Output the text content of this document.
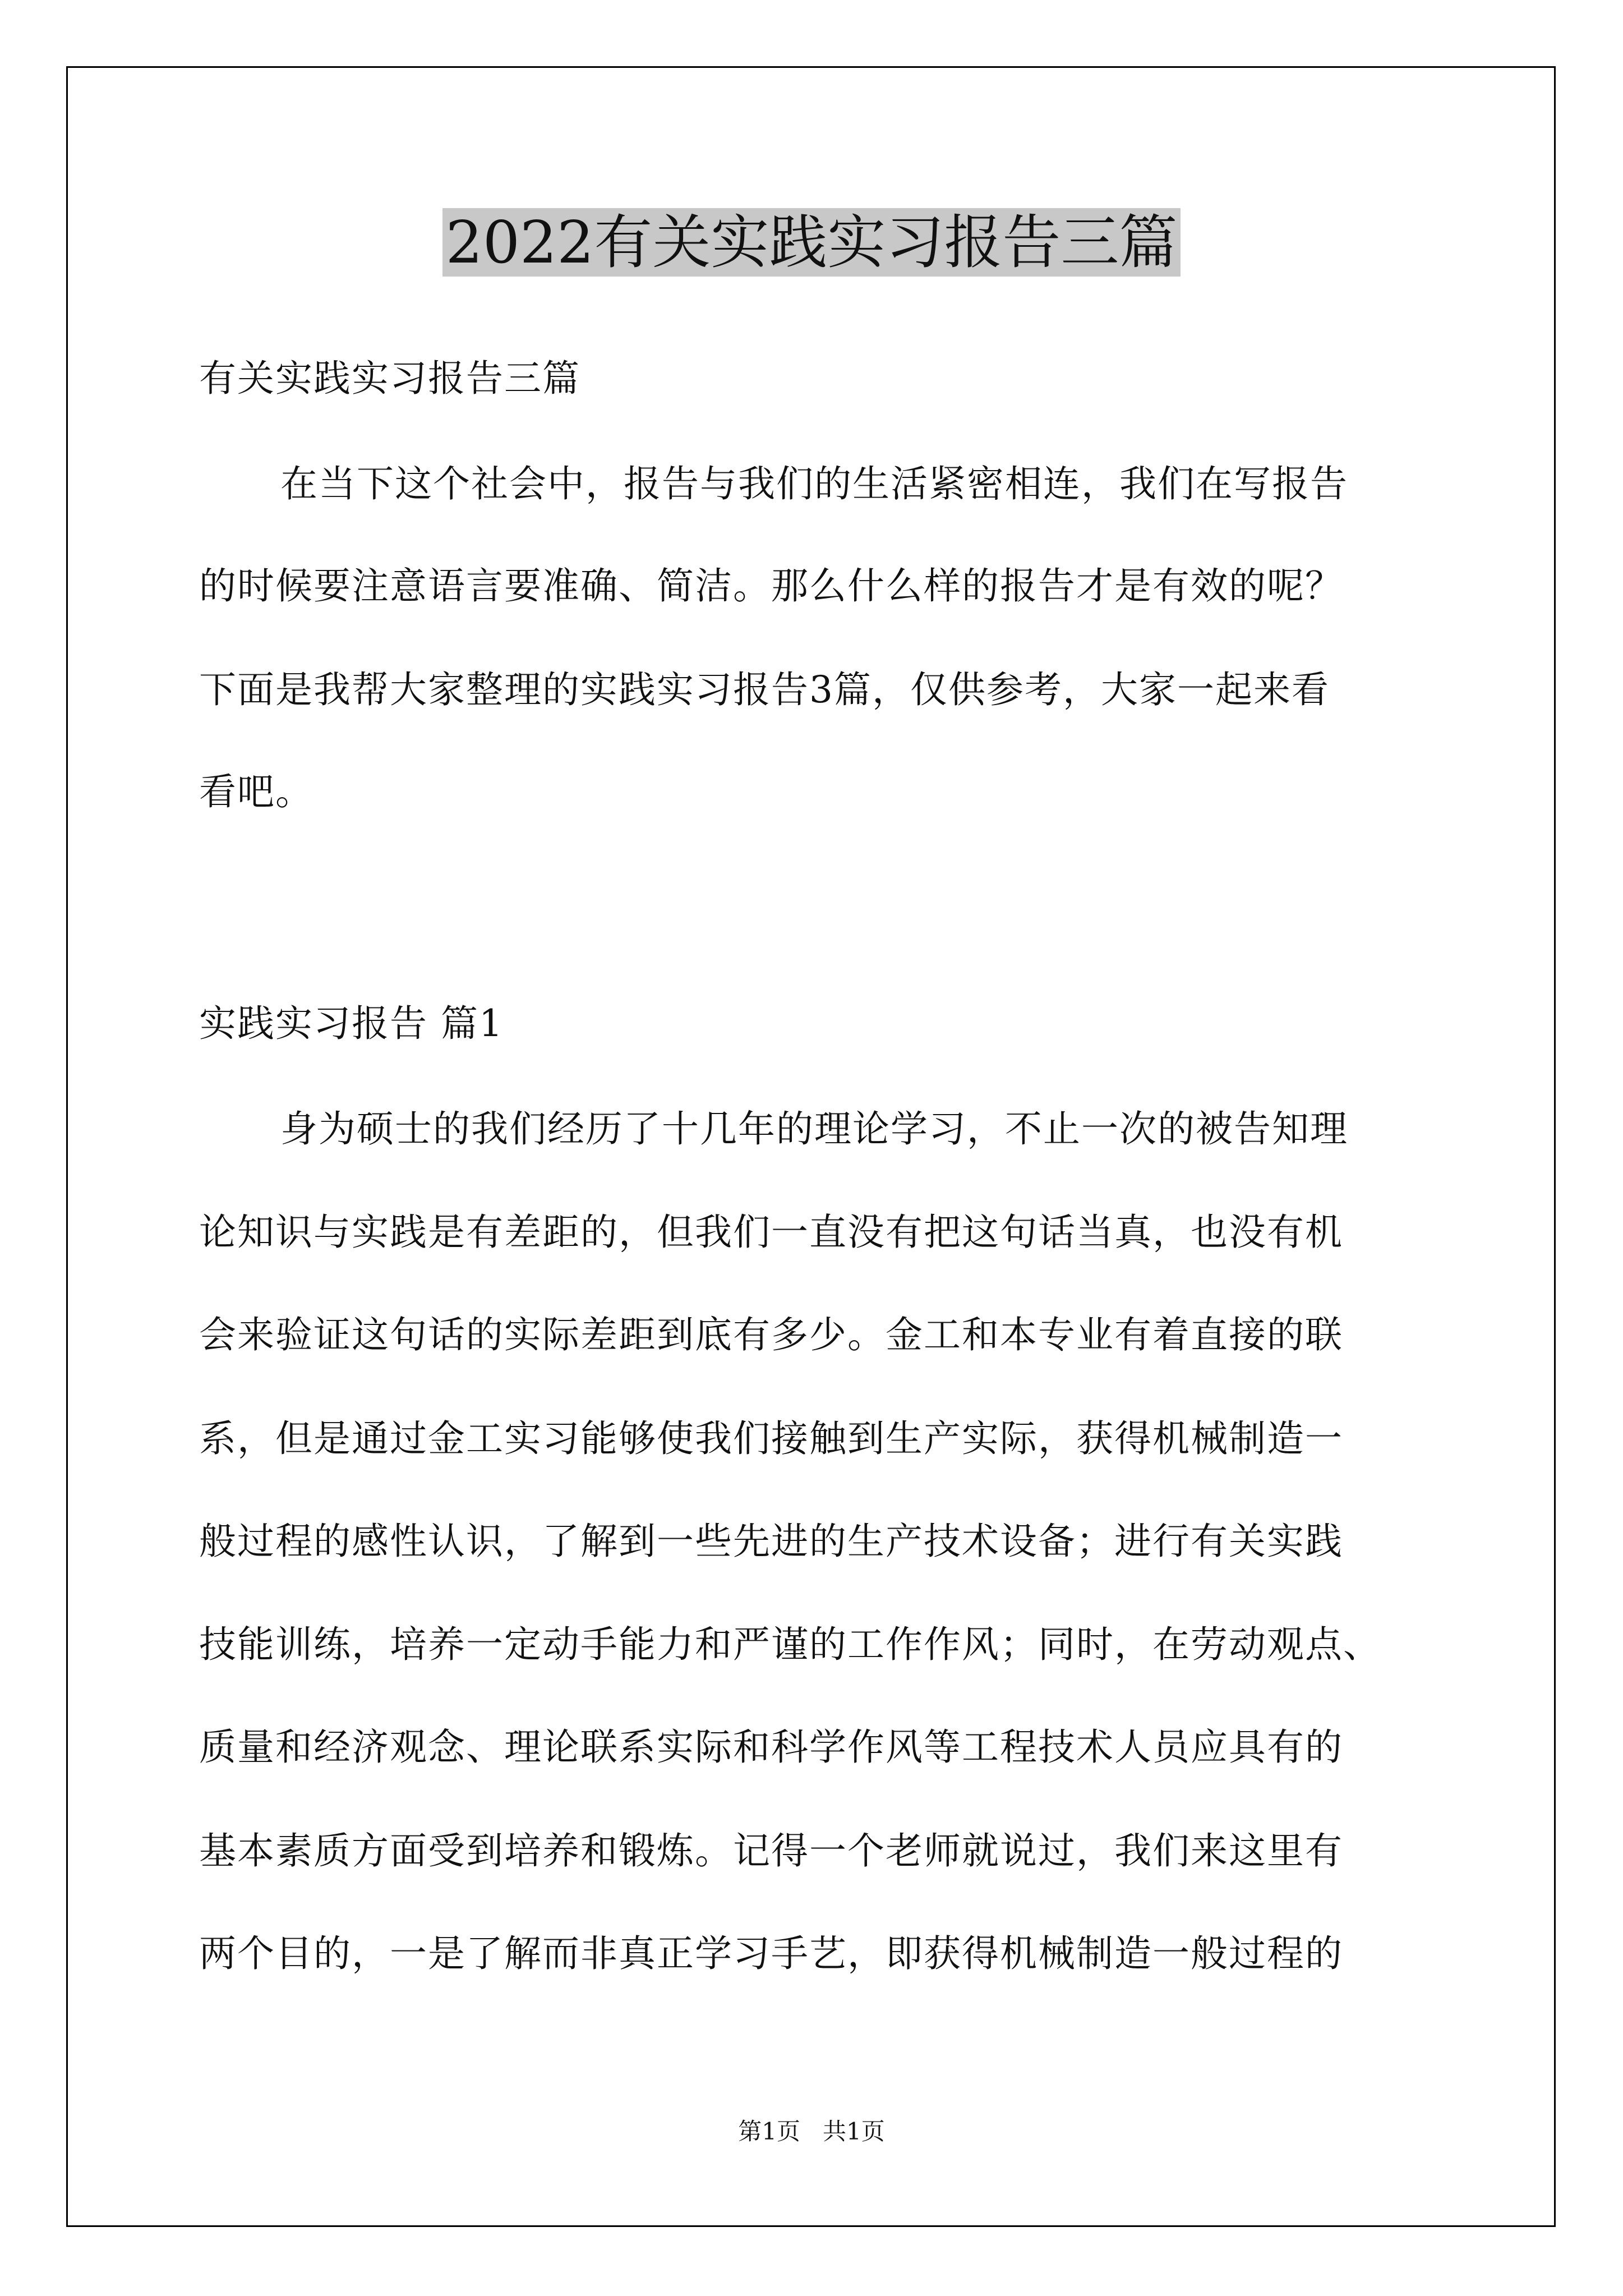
2022有关实践实习报告三篇
有关实践实习报告三篇
在当下这个社会中，报告与我们的生活紧密相连，我们在写报告
的时候要注意语言要准确、简洁。那么什么样的报告才是有效的呢？
下面是我帮大家整理的实践实习报告3篇，仅供参考，大家一起来看
看吧。
实践实习报告 篇1
身为硕士的我们经历了十几年的理论学习，不止一次的被告知理
论知识与实践是有差距的，但我们一直没有把这句话当真，也没有机
会来验证这句话的实际差距到底有多少。金工和本专业有着直接的联
系，但是通过金工实习能够使我们接触到生产实际，获得机械制造一
般过程的感性认识，了解到一些先进的生产技术设备；进行有关实践
技能训练，培养一定动手能力和严谨的工作作风；同时，在劳动观点、
质量和经济观念、理论联系实际和科学作风等工程技术人员应具有的
基本素质方面受到培养和锻炼。记得一个老师就说过，我们来这里有
两个目的，一是了解而非真正学习手艺，即获得机械制造一般过程的
第1页   共1页
